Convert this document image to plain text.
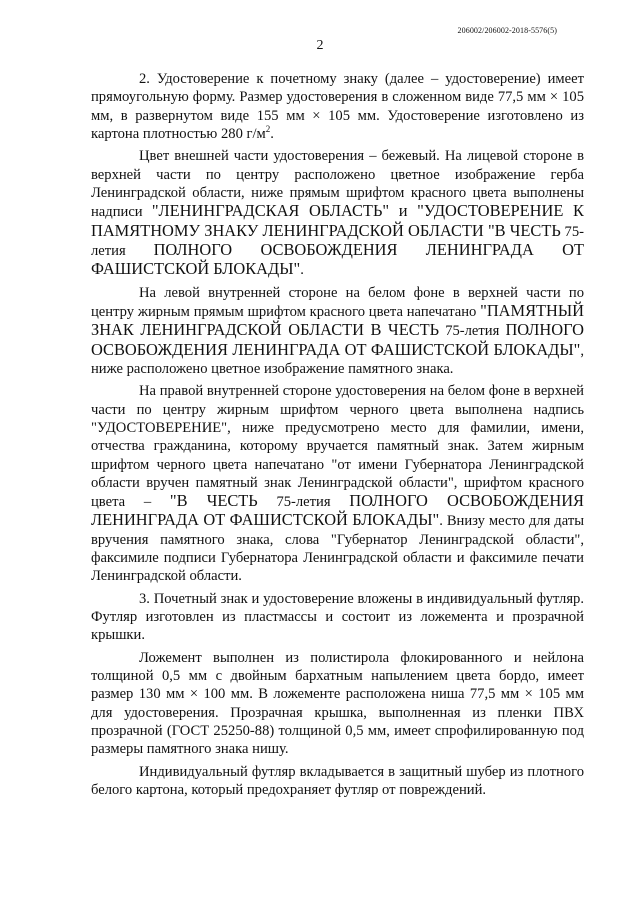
206002/206002-2018-5576(5)
2

2. Удостоверение к почетному знаку (далее – удостоверение) имеет прямоугольную форму. Размер удостоверения в сложенном виде 77,5 мм × 105 мм, в развернутом виде 155 мм × 105 мм. Удостоверение изготовлено из картона плотностью 280 $г/м^2$.

Цвет внешней части удостоверения – бежевый. На лицевой стороне в верхней части по центру расположено цветное изображение герба Ленинградской области, ниже прямым шрифтом красного цвета выполнены надписи "ЛЕНИНГРАДСКАЯ ОБЛАСТЬ" и "УДОСТОВЕРЕНИЕ К ПАМЯТНОМУ ЗНАКУ ЛЕНИНГРАДСКОЙ ОБЛАСТИ "В ЧЕСТЬ 75-летия ПОЛНОГО ОСВОБОЖДЕНИЯ ЛЕНИНГРАДА ОТ ФАШИСТСКОЙ БЛОКАДЫ".

На левой внутренней стороне на белом фоне в верхней части по центру жирным прямым шрифтом красного цвета напечатано "ПАМЯТНЫЙ ЗНАК ЛЕНИНГРАДСКОЙ ОБЛАСТИ В ЧЕСТЬ 75-летия ПОЛНОГО ОСВОБОЖДЕНИЯ ЛЕНИНГРАДА ОТ ФАШИСТСКОЙ БЛОКАДЫ", ниже расположено цветное изображение памятного знака.

На правой внутренней стороне удостоверения на белом фоне в верхней части по центру жирным шрифтом черного цвета выполнена надпись "УДОСТОВЕРЕНИЕ", ниже предусмотрено место для фамилии, имени, отчества гражданина, которому вручается памятный знак. Затем жирным шрифтом черного цвета напечатано "от имени Губернатора Ленинградской области вручен памятный знак Ленинградской области", шрифтом красного цвета – "В ЧЕСТЬ 75-летия ПОЛНОГО ОСВОБОЖДЕНИЯ ЛЕНИНГРАДА ОТ ФАШИСТСКОЙ БЛОКАДЫ". Внизу место для даты вручения памятного знака, слова "Губернатор Ленинградской области", факсимиле подписи Губернатора Ленинградской области и факсимиле печати Ленинградской области.

3. Почетный знак и удостоверение вложены в индивидуальный футляр. Футляр изготовлен из пластмассы и состоит из ложемента и прозрачной крышки.

Ложемент выполнен из полистирола флокированного и нейлона толщиной 0,5 мм с двойным бархатным напылением цвета бордо, имеет размер 130 мм × 100 мм. В ложементе расположена ниша 77,5 мм × 105 мм для удостоверения. Прозрачная крышка, выполненная из пленки ПВХ прозрачной (ГОСТ 25250-88) толщиной 0,5 мм, имеет спрофилированную под размеры памятного знака нишу.

Индивидуальный футляр вкладывается в защитный шубер из плотного белого картона, который предохраняет футляр от повреждений.
